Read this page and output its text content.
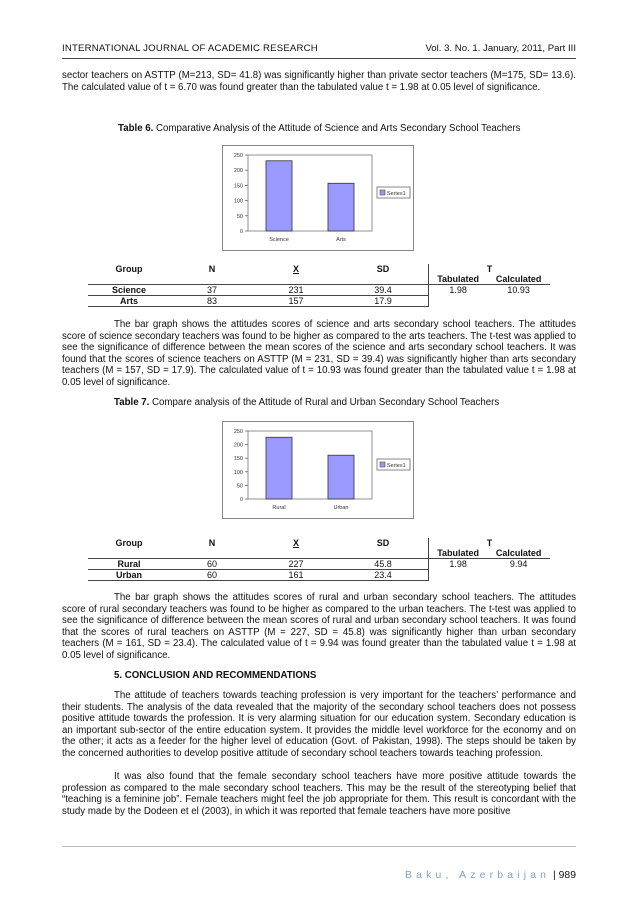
INTERNATIONAL JOURNAL OF ACADEMIC RESEARCH	Vol. 3. No. 1. January, 2011, Part III
sector teachers on ASTTP (M=213, SD= 41.8) was significantly higher than private sector teachers (M=175, SD= 13.6). The calculated value of t = 6.70 was found greater than the tabulated value t = 1.98 at 0.05 level of significance.
Table 6. Comparative Analysis of the Attitude of Science and Arts Secondary School Teachers
0
50
100
150
200
250
Science	Arts
Series1
Group	N	X	SD	T	
				Tabulated	Calculated
Science	37	231	39.4	1.98	10.93
Arts	83	157	17.9		
The bar graph shows the attitudes scores of science and arts secondary school teachers. The attitudes score of science secondary teachers was found to be higher as compared to the arts teachers. The t-test was applied to see the significance of difference between the mean scores of the science and arts secondary school teachers. It was found that the scores of science teachers on ASTTP (M = 231, SD = 39.4) was significantly higher than arts secondary teachers (M = 157, SD = 17.9). The calculated value of t = 10.93 was found greater than the tabulated value t = 1.98 at 0.05 level of significance.
Table 7. Compare analysis of the Attitude of Rural and Urban Secondary School Teachers
0
50
100
150
200
250
Rural	Urban
Series1
Group	N	X	SD	T	
				Tabulated	Calculated
Rural	60	227	45.8	1.98	9.94
Urban	60	161	23.4		
The bar graph shows the attitudes scores of rural and urban secondary school teachers. The attitudes score of rural secondary teachers was found to be higher as compared to the urban teachers. The t-test was applied to see the significance of difference between the mean scores of rural and urban secondary school teachers. It was found that the scores of rural teachers on ASTTP (M = 227, SD = 45.8) was significantly higher than urban secondary teachers (M = 161, SD = 23.4). The calculated value of t = 9.94 was found greater than the tabulated value t = 1.98 at 0.05 level of significance.
5. CONCLUSION AND RECOMMENDATIONS
The attitude of teachers towards teaching profession is very important for the teachers’ performance and their students. The analysis of the data revealed that the majority of the secondary school teachers does not possess positive attitude towards the profession. It is very alarming situation for our education system. Secondary education is an important sub-sector of the entire education system. It provides the middle level workforce for the economy and on the other; it acts as a feeder for the higher level of education (Govt. of Pakistan, 1998). The steps should be taken by the concerned authorities to develop positive attitude of secondary school teachers towards teaching profession.
It was also found that the female secondary school teachers have more positive attitude towards the profession as compared to the male secondary school teachers. This may be the result of the stereotyping belief that “teaching is a feminine job”. Female teachers might feel the job appropriate for them. This result is concordant with the study made by the Dodeen et el (2003), in which it was reported that female teachers have more positive
Baku, Azerbaijan | 989
